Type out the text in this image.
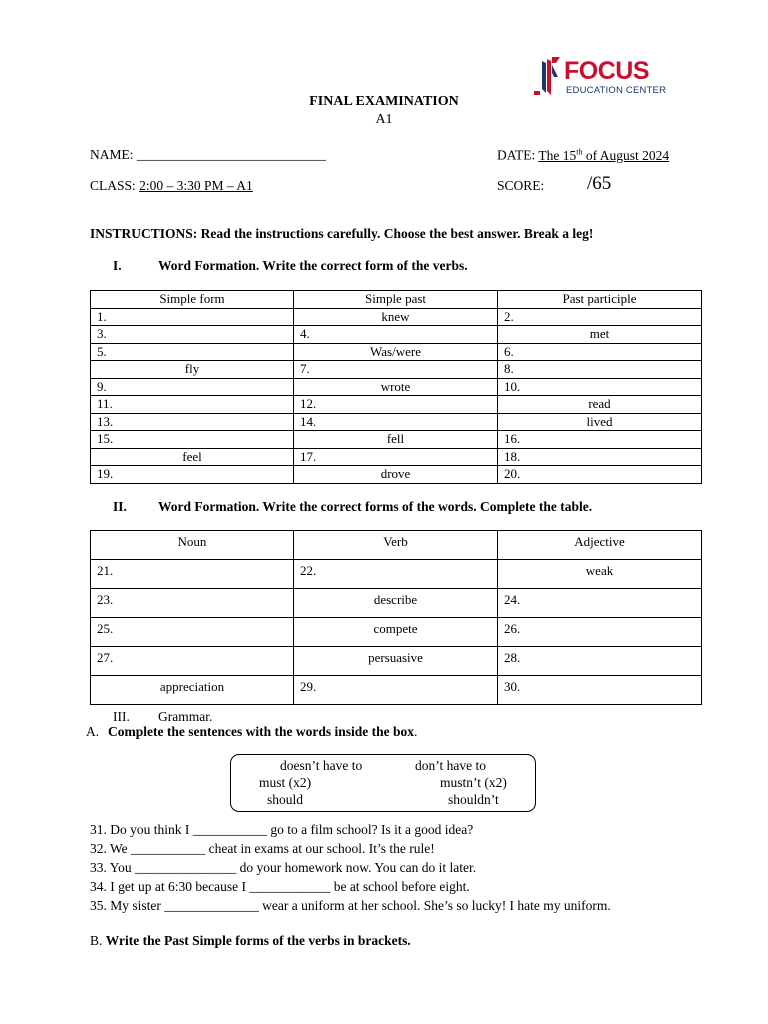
FOCUS
EDUCATION CENTER
FINAL EXAMINATION
A1
NAME: ____________________________	DATE: The 15th of August 2024
CLASS: 2:00 – 3:30 PM – A1	SCORE: /65
INSTRUCTIONS: Read the instructions carefully. Choose the best answer. Break a leg!
I.	Word Formation. Write the correct form of the verbs.
Simple form	Simple past	Past participle
1.	knew	2.
3.	4.	met
5.	Was/were	6.
fly	7.	8.
9.	wrote	10.
11.	12.	read
13.	14.	lived
15.	fell	16.
feel	17.	18.
19.	drove	20.
II. Word Formation. Write the correct forms of the words. Complete the table.
Noun	Verb	Adjective
21.	22.	weak
23.	describe	24.
25.	compete	26.
27.	persuasive	28.
appreciation	29.	30.
III. Grammar.
A. Complete the sentences with the words inside the box.
doesn’t have to	don’t have to
must (x2)	mustn’t (x2)
should	shouldn’t
31. Do you think I ___________ go to a film school? Is it a good idea?
32. We ___________ cheat in exams at our school. It’s the rule!
33. You _______________ do your homework now. You can do it later.
34. I get up at 6:30 because I ____________ be at school before eight.
35. My sister ______________ wear a uniform at her school. She’s so lucky! I hate my uniform.
B. Write the Past Simple forms of the verbs in brackets.
